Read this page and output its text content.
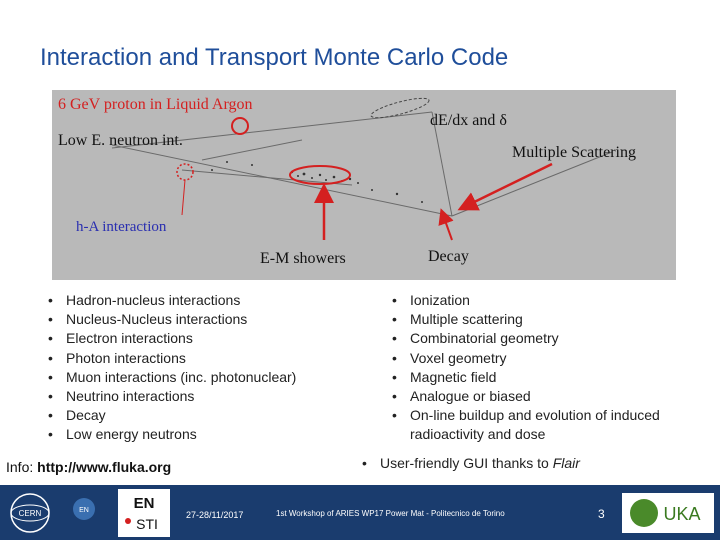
Interaction and Transport Monte Carlo Code
6 GeV proton in Liquid Argon
Low E. neutron int.
dE/dx and δ
Multiple Scattering
h-A interaction
E-M showers	Decay
• Hadron-nucleus interactions
• Nucleus-Nucleus interactions
• Electron interactions
• Photon interactions
• Muon interactions (inc. photonuclear)
• Neutrino interactions
• Decay
• Low energy neutrons
• Ionization
• Multiple scattering
• Combinatorial geometry
• Voxel geometry
• Magnetic field
• Analogue or biased
• On-line buildup and evolution of induced radioactivity and dose
Info: http://www.fluka.org	• User-friendly GUI thanks to Flair
CERN	EN	EN
STI
27-28/11/2017	1st Workshop of ARIES WP17 Power Mat - Politecnico de Torino	3	UKA
